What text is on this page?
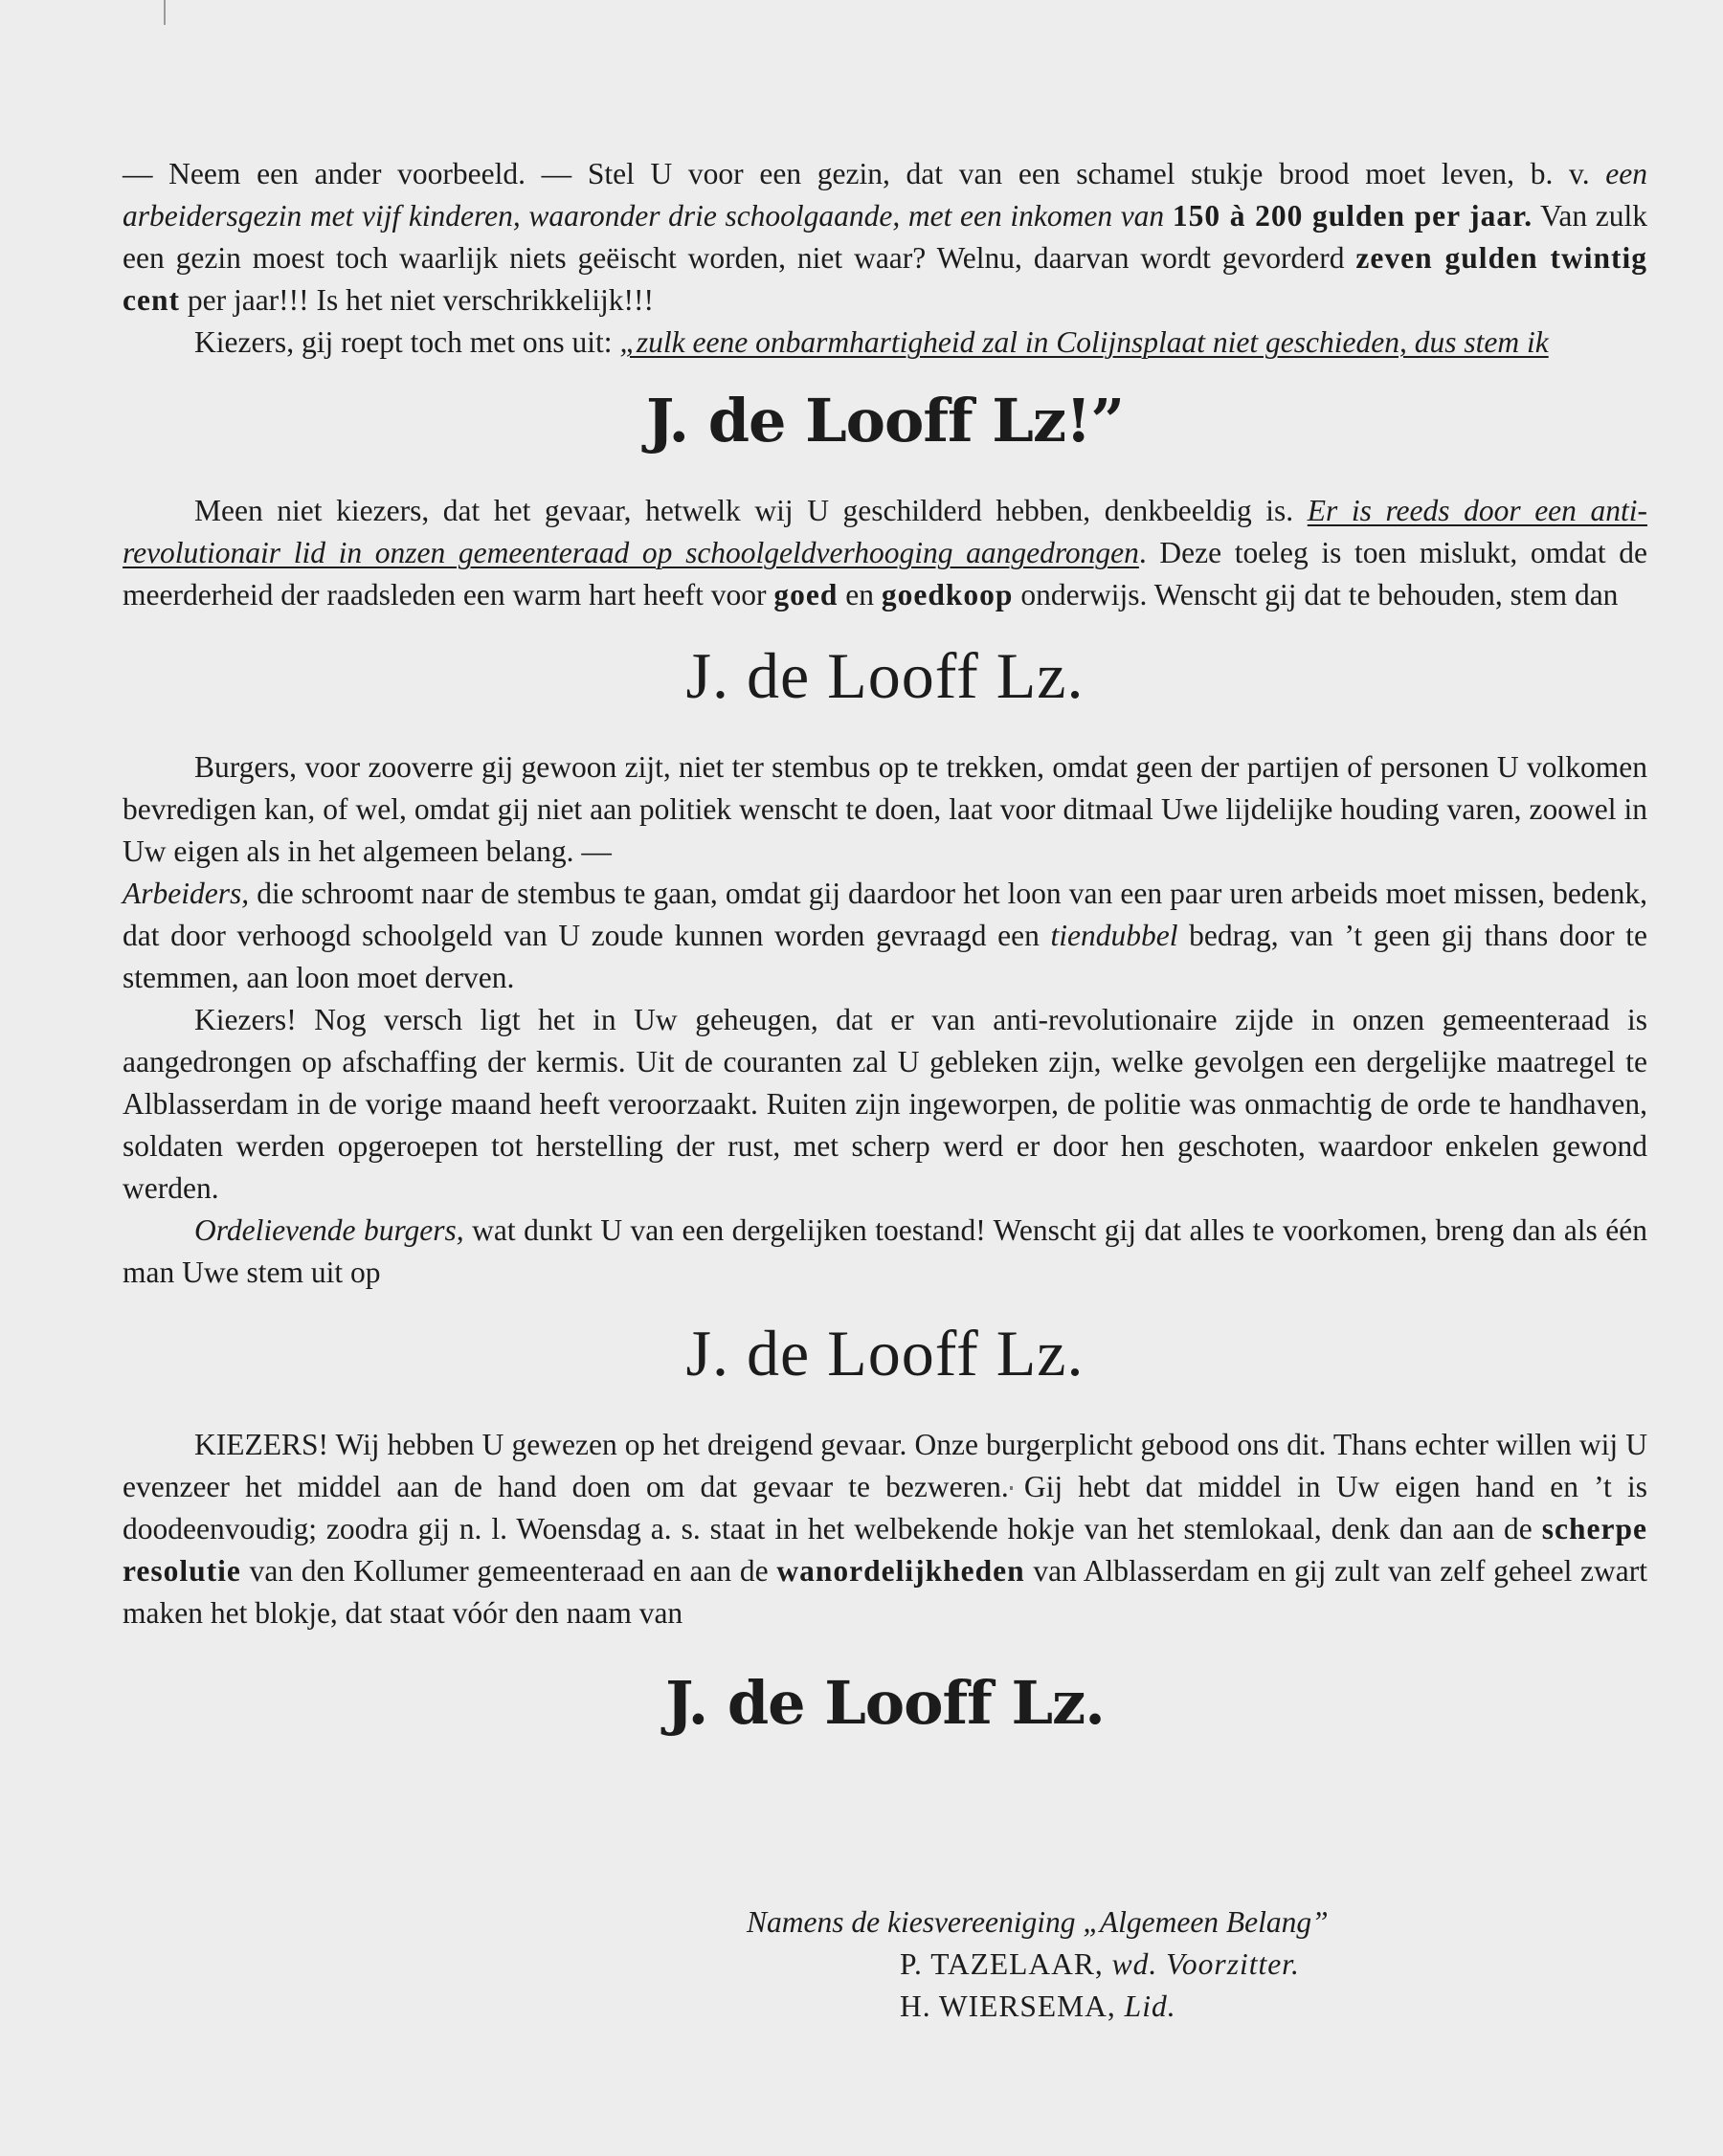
— Neem een ander voorbeeld. — Stel U voor een gezin, dat van een schamel stukje brood moet leven, b. v. een arbeidersgezin met vijf kinderen, waaronder drie schoolgaande, met een inkomen van 150 à 200 gulden per jaar. Van zulk een gezin moest toch waarlijk niets geëischt worden, niet waar? Welnu, daarvan wordt gevorderd zeven gulden twintig cent per jaar!!! Is het niet verschrikkelijk!!!

Kiezers, gij roept toch met ons uit: „zulk eene onbarmhartigheid zal in Colijnsplaat niet geschieden, dus stem ik

J. de Looff Lz!”

Meen niet kiezers, dat het gevaar, hetwelk wij U geschilderd hebben, denkbeeldig is. Er is reeds door een anti-revolutionair lid in onzen gemeenteraad op schoolgeldverhooging aangedrongen. Deze toeleg is toen mislukt, omdat de meerderheid der raadsleden een warm hart heeft voor goed en goedkoop onderwijs. Wenscht gij dat te behouden, stem dan

J. de Looff Lz.

Burgers, voor zooverre gij gewoon zijt, niet ter stembus op te trekken, omdat geen der partijen of personen U volkomen bevredigen kan, of wel, omdat gij niet aan politiek wenscht te doen, laat voor ditmaal Uwe lijdelijke houding varen, zoowel in Uw eigen als in het algemeen belang. —

Arbeiders, die schroomt naar de stembus te gaan, omdat gij daardoor het loon van een paar uren arbeids moet missen, bedenk, dat door verhoogd schoolgeld van U zoude kunnen worden gevraagd een tiendubbel bedrag, van ’t geen gij thans door te stemmen, aan loon moet derven.

Kiezers! Nog versch ligt het in Uw geheugen, dat er van anti-revolutionaire zijde in onzen gemeenteraad is aangedrongen op afschaffing der kermis. Uit de couranten zal U gebleken zijn, welke gevolgen een dergelijke maatregel te Alblasserdam in de vorige maand heeft veroorzaakt. Ruiten zijn ingeworpen, de politie was onmachtig de orde te handhaven, soldaten werden opgeroepen tot herstelling der rust, met scherp werd er door hen geschoten, waardoor enkelen gewond werden.

Ordelievende burgers, wat dunkt U van een dergelijken toestand! Wenscht gij dat alles te voorkomen, breng dan als één man Uwe stem uit op

J. de Looff Lz.

KIEZERS! Wij hebben U gewezen op het dreigend gevaar. Onze burgerplicht gebood ons dit. Thans echter willen wij U evenzeer het middel aan de hand doen om dat gevaar te bezweren. Gij hebt dat middel in Uw eigen hand en ’t is doodeenvoudig; zoodra gij n. l. Woensdag a. s. staat in het welbekende hokje van het stemlokaal, denk dan aan de scherpe resolutie van den Kollumer gemeenteraad en aan de wanordelijkheden van Alblasserdam en gij zult van zelf geheel zwart maken het blokje, dat staat vóór den naam van

J. de Looff Lz.

Namens de kiesvereeniging „Algemeen Belang”
P. TAZELAAR, wd. Voorzitter.
H. WIERSEMA, Lid.
